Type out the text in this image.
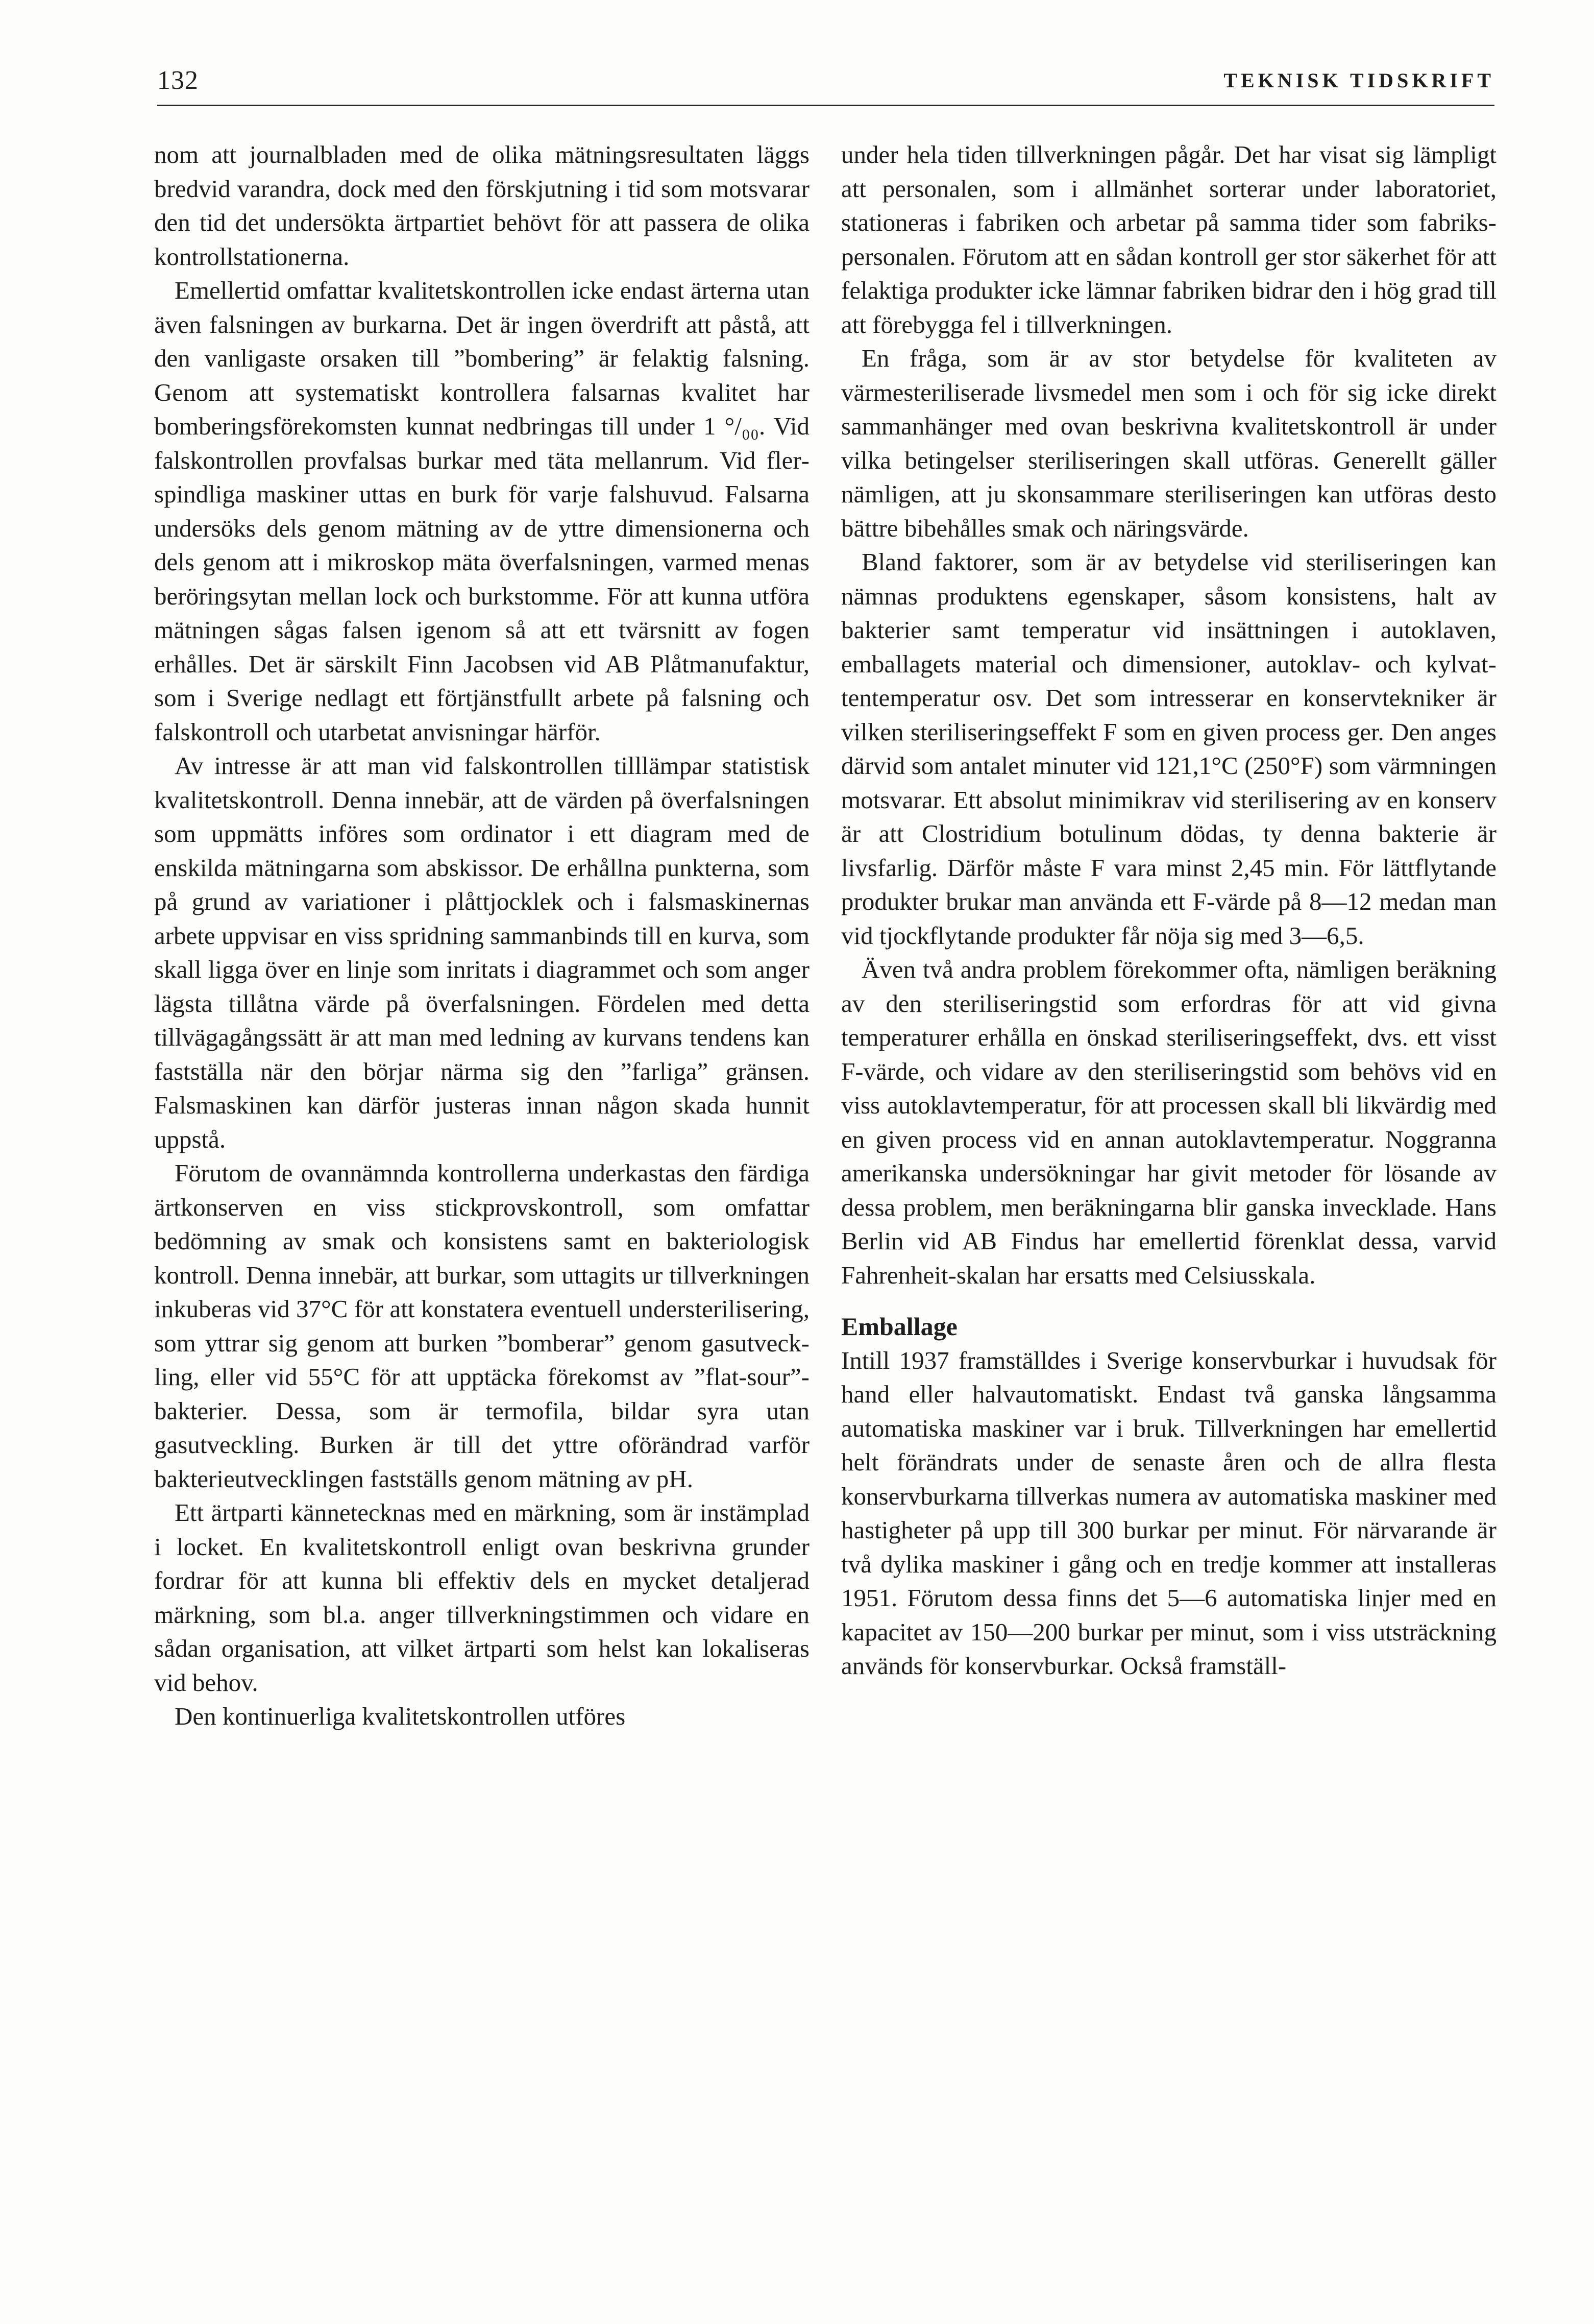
132	TEKNISK TIDSKRIFT

nom att journalbladen med de olika mätningsresultaten läggs bredvid varandra, dock med den förskjutning i tid som motsvarar den tid det undersökta ärtpartiet behövt för att passera de olika kontrollstationerna.

Emellertid omfattar kvalitetskontrollen icke endast ärterna utan även falsningen av burkarna. Det är ingen överdrift att påstå, att den vanligaste orsaken till ”bombering” är felaktig falsning. Genom att systematiskt kontrollera falsarnas kvalitet har bomberingsförekomsten kunnat nedbringas till under 1 °/₀₀. Vid falskontrollen provfalsas burkar med täta mellanrum. Vid flerspindliga maskiner uttas en burk för varje falshuvud. Falsarna undersöks dels genom mätning av de yttre dimensionerna och dels genom att i mikroskop mäta överfalsningen, varmed menas beröringsytan mellan lock och burkstomme. För att kunna utföra mätningen sågas falsen igenom så att ett tvärsnitt av fogen erhålles. Det är särskilt Finn Jacobsen vid AB Plåtmanufaktur, som i Sverige nedlagt ett förtjänstfullt arbete på falsning och falskontroll och utarbetat anvisningar härför.

Av intresse är att man vid falskontrollen tilllämpar statistisk kvalitetskontroll. Denna innebär, att de värden på överfalsningen som uppmätts införes som ordinator i ett diagram med de enskilda mätningarna som abskissor. De erhållna punkterna, som på grund av variationer i plåttjocklek och i falsmaskinernas arbete uppvisar en viss spridning sammanbinds till en kurva, som skall ligga över en linje som inritats i diagrammet och som anger lägsta tillåtna värde på överfalsningen. Fördelen med detta tillvägagångssätt är att man med ledning av kurvans tendens kan fastställa när den börjar närma sig den ”farliga” gränsen. Falsmaskinen kan därför justeras innan någon skada hunnit uppstå.

Förutom de ovannämnda kontrollerna underkastas den färdiga ärtkonserven en viss stickprovskontroll, som omfattar bedömning av smak och konsistens samt en bakteriologisk kontroll. Denna innebär, att burkar, som uttagits ur tillverkningen inkuberas vid 37°C för att konstatera eventuell understerilisering, som yttrar sig genom att burken ”bomberar” genom gasutveckling, eller vid 55°C för att upptäcka förekomst av ”flat-sour”-bakterier. Dessa, som är termofila, bildar syra utan gasutveckling. Burken är till det yttre oförändrad varför bakterieutvecklingen fastställs genom mätning av pH.

Ett ärtparti kännetecknas med en märkning, som är instämplad i locket. En kvalitetskontroll enligt ovan beskrivna grunder fordrar för att kunna bli effektiv dels en mycket detaljerad märkning, som bl.a. anger tillverkningstimmen och vidare en sådan organisation, att vilket ärtparti som helst kan lokaliseras vid behov.

Den kontinuerliga kvalitetskontrollen utföres

under hela tiden tillverkningen pågår. Det har visat sig lämpligt att personalen, som i allmänhet sorterar under laboratoriet, stationeras i fabriken och arbetar på samma tider som fabrikspersonalen. Förutom att en sådan kontroll ger stor säkerhet för att felaktiga produkter icke lämnar fabriken bidrar den i hög grad till att förebygga fel i tillverkningen.

En fråga, som är av stor betydelse för kvaliteten av värmesteriliserade livsmedel men som i och för sig icke direkt sammanhänger med ovan beskrivna kvalitetskontroll är under vilka betingelser steriliseringen skall utföras. Generellt gäller nämligen, att ju skonsammare steriliseringen kan utföras desto bättre bibehålles smak och näringsvärde.

Bland faktorer, som är av betydelse vid steriliseringen kan nämnas produktens egenskaper, såsom konsistens, halt av bakterier samt temperatur vid insättningen i autoklaven, emballagets material och dimensioner, autoklav- och kylvattentemperatur osv. Det som intresserar en konservtekniker är vilken steriliseringseffekt F som en given process ger. Den anges därvid som antalet minuter vid 121,1°C (250°F) som värmningen motsvarar. Ett absolut minimikrav vid sterilisering av en konserv är att Clostridium botulinum dödas, ty denna bakterie är livsfarlig. Därför måste F vara minst 2,45 min. För lättflytande produkter brukar man använda ett F-värde på 8—12 medan man vid tjockflytande produkter får nöja sig med 3—6,5.

Även två andra problem förekommer ofta, nämligen beräkning av den steriliseringstid som erfordras för att vid givna temperaturer erhålla en önskad steriliseringseffekt, dvs. ett visst F-värde, och vidare av den steriliseringstid som behövs vid en viss autoklavtemperatur, för att processen skall bli likvärdig med en given process vid en annan autoklavtemperatur. Noggranna amerikanska undersökningar har givit metoder för lösande av dessa problem, men beräkningarna blir ganska invecklade. Hans Berlin vid AB Findus har emellertid förenklat dessa, varvid Fahrenheit-skalan har ersatts med Celsiusskala.

Emballage

Intill 1937 framställdes i Sverige konservburkar i huvudsak för hand eller halvautomatiskt. Endast två ganska långsamma automatiska maskiner var i bruk. Tillverkningen har emellertid helt förändrats under de senaste åren och de allra flesta konservburkarna tillverkas numera av automatiska maskiner med hastigheter på upp till 300 burkar per minut. För närvarande är två dylika maskiner i gång och en tredje kommer att installeras 1951. Förutom dessa finns det 5—6 automatiska linjer med en kapacitet av 150—200 burkar per minut, som i viss utsträckning används för konservburkar. Också framställ-
